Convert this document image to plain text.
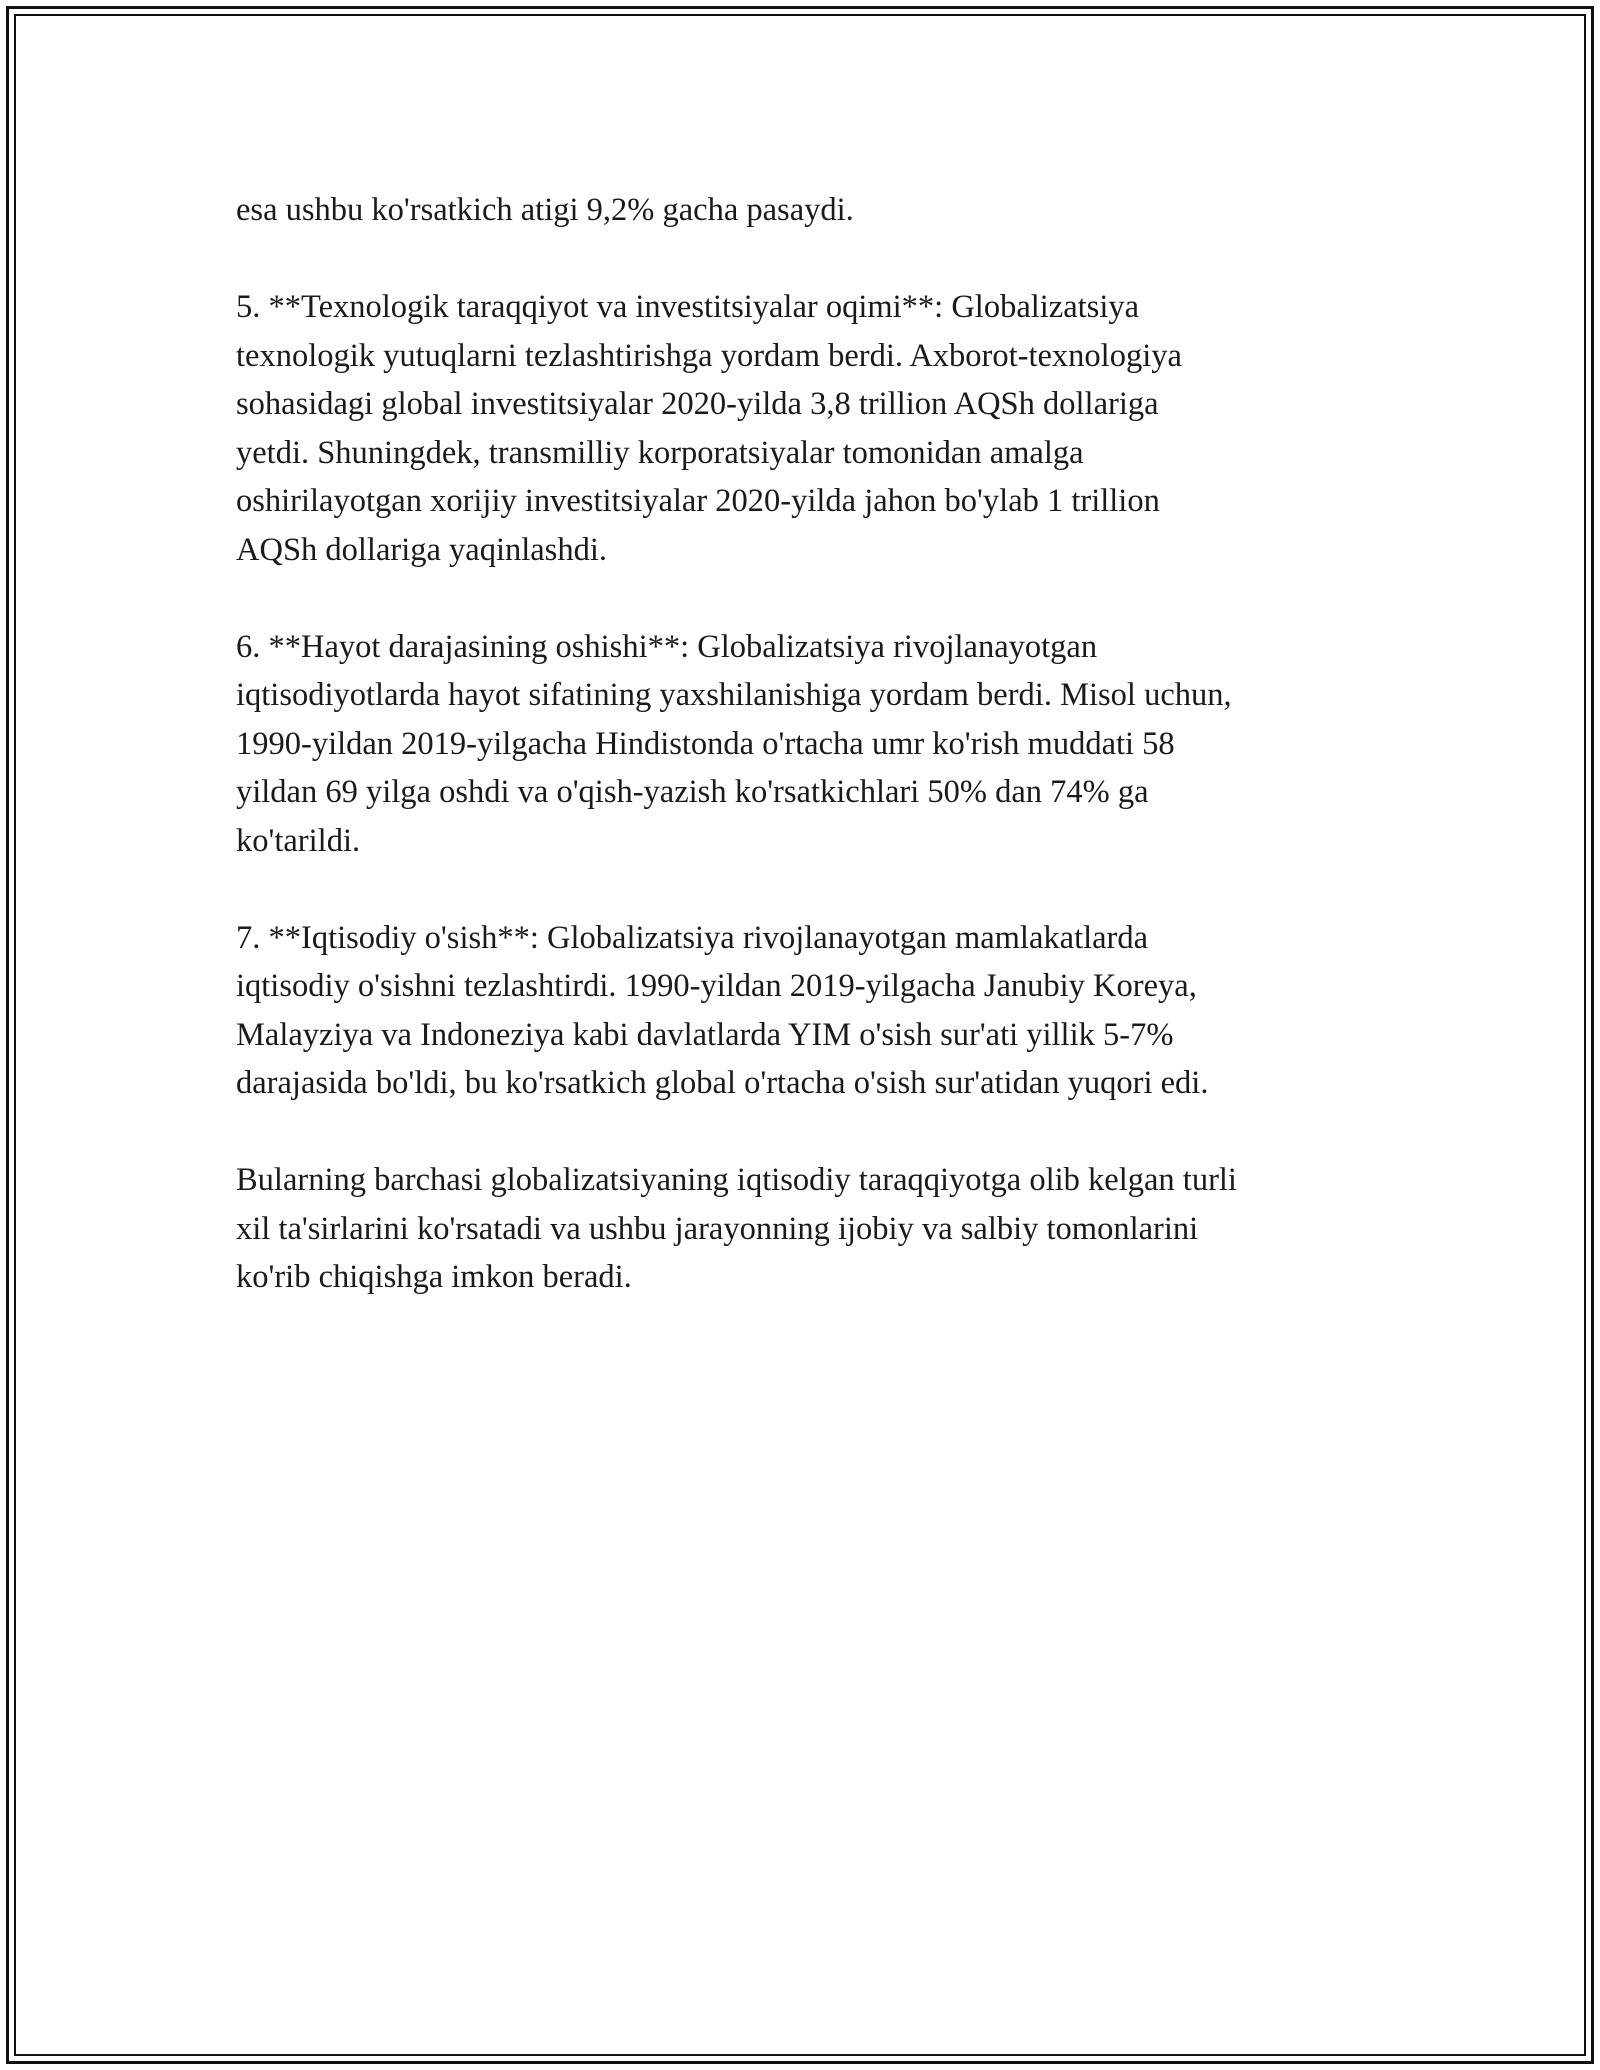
esa ushbu ko'rsatkich atigi 9,2% gacha pasaydi.

5. **Texnologik taraqqiyot va investitsiyalar oqimi**: Globalizatsiya
texnologik yutuqlarni tezlashtirishga yordam berdi. Axborot-texnologiya
sohasidagi global investitsiyalar 2020-yilda 3,8 trillion AQSh dollariga
yetdi. Shuningdek, transmilliy korporatsiyalar tomonidan amalga
oshirilayotgan xorijiy investitsiyalar 2020-yilda jahon bo'ylab 1 trillion
AQSh dollariga yaqinlashdi.

6. **Hayot darajasining oshishi**: Globalizatsiya rivojlanayotgan
iqtisodiyotlarda hayot sifatining yaxshilanishiga yordam berdi. Misol uchun,
1990-yildan 2019-yilgacha Hindistonda o'rtacha umr ko'rish muddati 58
yildan 69 yilga oshdi va o'qish-yazish ko'rsatkichlari 50% dan 74% ga
ko'tarildi.

7. **Iqtisodiy o'sish**: Globalizatsiya rivojlanayotgan mamlakatlarda
iqtisodiy o'sishni tezlashtirdi. 1990-yildan 2019-yilgacha Janubiy Koreya,
Malayziya va Indoneziya kabi davlatlarda YIM o'sish sur'ati yillik 5-7%
darajasida bo'ldi, bu ko'rsatkich global o'rtacha o'sish sur'atidan yuqori edi.

Bularning barchasi globalizatsiyaning iqtisodiy taraqqiyotga olib kelgan turli
xil ta'sirlarini ko'rsatadi va ushbu jarayonning ijobiy va salbiy tomonlarini
ko'rib chiqishga imkon beradi.
